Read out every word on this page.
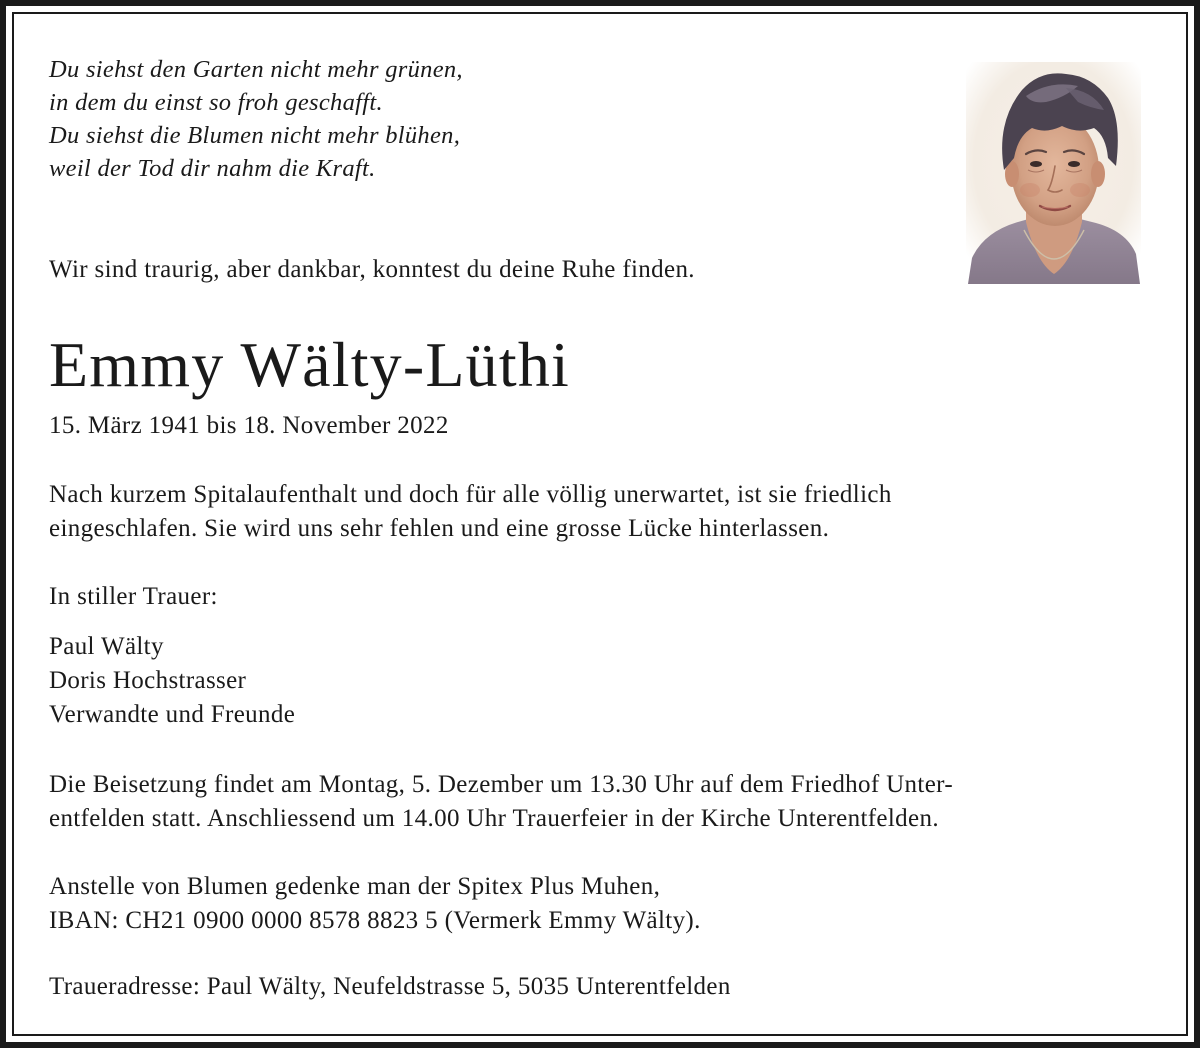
Du siehst den Garten nicht mehr grünen,
in dem du einst so froh geschafft.
Du siehst die Blumen nicht mehr blühen,
weil der Tod dir nahm die Kraft.
Wir sind traurig, aber dankbar, konntest du deine Ruhe finden.
Emmy Wälty-Lüthi
15. März 1941 bis 18. November 2022
Nach kurzem Spitalaufenthalt und doch für alle völlig unerwartet, ist sie friedlich
eingeschlafen. Sie wird uns sehr fehlen und eine grosse Lücke hinterlassen.
In stiller Trauer:
Paul Wälty
Doris Hochstrasser
Verwandte und Freunde
Die Beisetzung findet am Montag, 5. Dezember um 13.30 Uhr auf dem Friedhof Unter-
entfelden statt. Anschliessend um 14.00 Uhr Trauerfeier in der Kirche Unterentfelden.
Anstelle von Blumen gedenke man der Spitex Plus Muhen,
IBAN: CH21 0900 0000 8578 8823 5 (Vermerk Emmy Wälty).
Traueradresse: Paul Wälty, Neufeldstrasse 5, 5035 Unterentfelden
